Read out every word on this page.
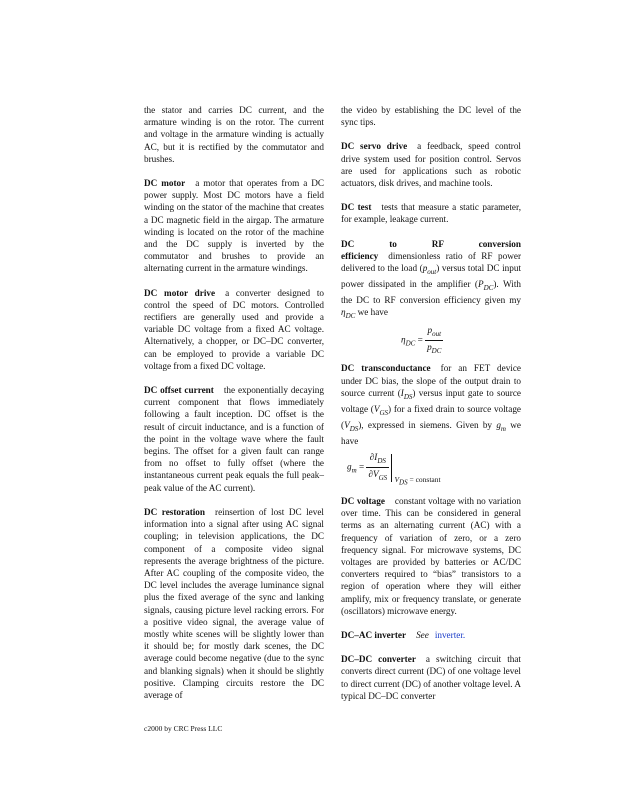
the stator and carries DC current, and the armature winding is on the rotor. The current and voltage in the armature winding is actually AC, but it is rectified by the commutator and brushes.

DC motor a motor that operates from a DC power supply. Most DC motors have a field winding on the stator of the machine that creates a DC magnetic field in the airgap. The armature winding is located on the rotor of the machine and the DC supply is inverted by the commutator and brushes to provide an alternating current in the armature windings.

DC motor drive a converter designed to control the speed of DC motors. Controlled rectifiers are generally used and provide a variable DC voltage from a fixed AC voltage. Alternatively, a chopper, or DC–DC converter, can be employed to provide a variable DC voltage from a fixed DC voltage.

DC offset current the exponentially decaying current component that flows immediately following a fault inception. DC offset is the result of circuit inductance, and is a function of the point in the voltage wave where the fault begins. The offset for a given fault can range from no offset to fully offset (where the instantaneous current peak equals the full peak–peak value of the AC current).

DC restoration reinsertion of lost DC level information into a signal after using AC signal coupling; in television applications, the DC component of a composite video signal represents the average brightness of the picture. After AC coupling of the composite video, the DC level includes the average luminance signal plus the fixed average of the sync and lanking signals, causing picture level racking errors. For a positive video signal, the average value of mostly white scenes will be slightly lower than it should be; for mostly dark scenes, the DC average could become negative (due to the sync and blanking signals) when it should be slightly positive. Clamping circuits restore the DC average of

the video by establishing the DC level of the sync tips.

DC servo drive a feedback, speed control drive system used for position control. Servos are used for applications such as robotic actuators, disk drives, and machine tools.

DC test tests that measure a static parameter, for example, leakage current.

DC to RF conversion efficiency dimensionless ratio of RF power delivered to the load $(p_{out})$ versus total DC input power dissipated in the amplifier $(P_{DC})$. With the DC to RF conversion efficiency given my $\eta_{DC}$ we have

$\eta_{DC} = \frac{p_{out}}{p_{DC}}$

DC transconductance for an FET device under DC bias, the slope of the output drain to source current $(I_{DS})$ versus input gate to source voltage $(V_{GS})$ for a fixed drain to source voltage $(V_{DS})$, expressed in siemens. Given by $g_m$ we have

$g_m = \frac{\partial I_{DS}}{\partial V_{GS}} _{V_{DS} = constant}$

DC voltage constant voltage with no variation over time. This can be considered in general terms as an alternating current (AC) with a frequency of variation of zero, or a zero frequency signal. For microwave systems, DC voltages are provided by batteries or AC/DC converters required to “bias” transistors to a region of operation where they will either amplify, mix or frequency translate, or generate (oscillators) microwave energy.

DC–AC inverter See inverter.

DC–DC converter a switching circuit that converts direct current (DC) of one voltage level to direct current (DC) of another voltage level. A typical DC–DC converter

c2000 by CRC Press LLC
